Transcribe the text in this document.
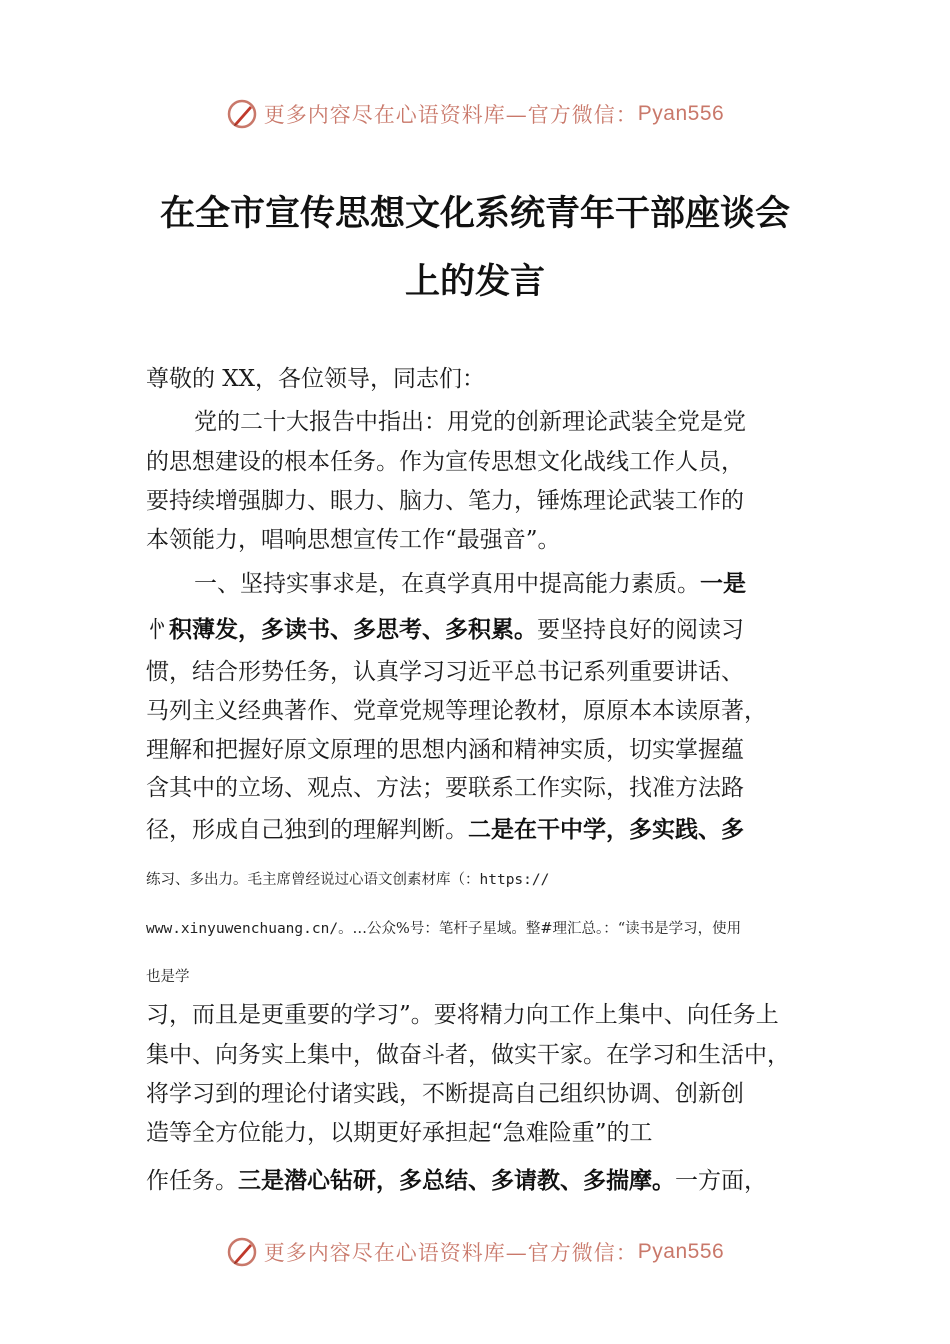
更多内容尽在心语资料库—官方微信： Pyan556
在全市宣传思想文化系统青年干部座谈会
上的发言
尊敬的 XX，各位领导，同志们：
党的二十大报告中指出：用党的创新理论武装全党是党
的思想建设的根本任务。作为宣传思想文化战线工作人员，
要持续增强脚力、眼力、脑力、笔力，锤炼理论武装工作的
本领能力，唱响思想宣传工作“最强音”。
一、坚持实事求是，在真学真用中提高能力素质。一是
㣺积薄发，多读书、多思考、多积累。要坚持良好的阅读习
惯，结合形势任务，认真学习习近平总书记系列重要讲话、
马列主义经典著作、党章党规等理论教材，原原本本读原著，
理解和把握好原文原理的思想内涵和精神实质，切实掌握蕴
含其中的立场、观点、方法；要联系工作实际，找准方法路
径，形成自己独到的理解判断。二是在干中学，多实践、多
练习、多出力。毛主席曾经说过心语文创素材库（：https://
www.xinyuwenchuang.cn/。…公众%号：笔杆子星域。整#理汇总。：“读书是学习，使用
也是学
习，而且是更重要的学习”。要将精力向工作上集中、向任务上
集中、向务实上集中，做奋斗者，做实干家。在学习和生活中，
将学习到的理论付诸实践，不断提高自己组织协调、创新创
造等全方位能力，以期更好承担起“急难险重”的工
作任务。三是潜心钻研，多总结、多请教、多揣摩。一方面，
更多内容尽在心语资料库—官方微信： Pyan556
